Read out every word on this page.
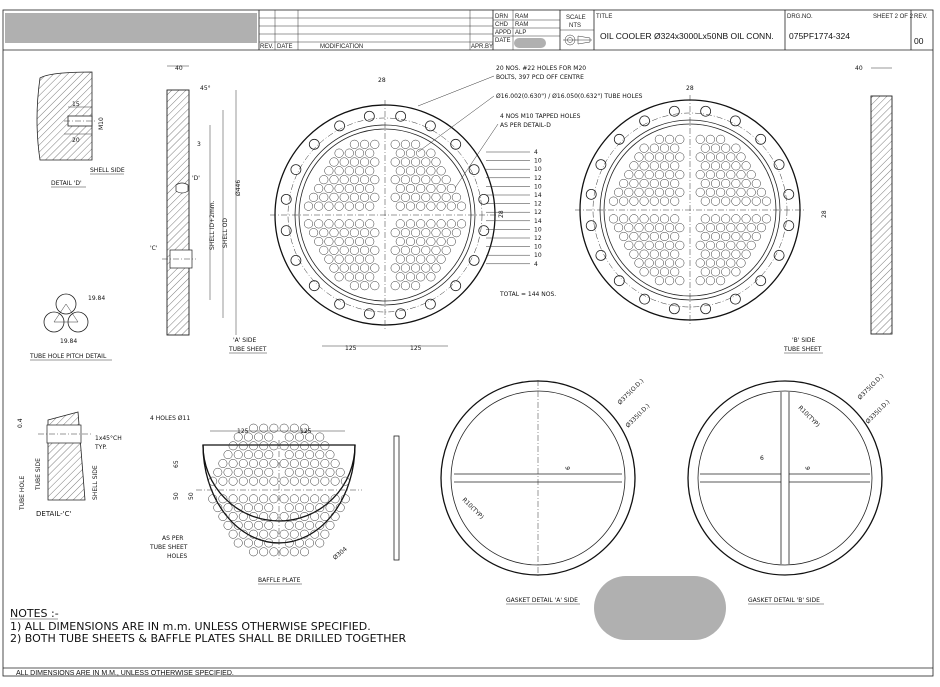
REV. DATE	MODIFICATION	APR.BY
DRN RAM
CHD RAM
APPD ALP
DATE
SCALE
NTS
TITLE
OIL COOLER Ø324x3000Lx50NB OIL CONN.
DRG.NO.	SHEET 2 OF 2
075PF1774-324
REV.
00
15
M10
20
SHELL SIDE
DETAIL 'D'
19.84
19.84
TUBE HOLE PITCH DETAIL
40
45°
3
SHELL ID+2mm. SHELL OD
Ø446
'D'
'C'
'A' SIDE
TUBE SHEET
28
28
125	125
20 NOS. #22 HOLES FOR M20
BOLTS, 397 PCD OFF CENTRE
Ø16.002(0.630") / Ø16.050(0.632") TUBE HOLES
4 NOS M10 TAPPED HOLES
AS PER DETAIL-D
4
10
10
12
10
14
12
12
14
10
12
10
10
4
TOTAL = 144 NOS.
28
28
'B' SIDE
TUBE SHEET
40
0.4
1x45°CH
TYP.
TUBE HOLE
TUBE SIDE	SHELL SIDE
DETAIL-'C'
4 HOLES Ø11
125	125
65
50 50
AS PER
TUBE SHEET
HOLES	Ø304
BAFFLE PLATE
Ø375(O.D.)
Ø335(I.D.)
6
R10(TYP)
GASKET DETAIL 'A' SIDE
Ø375(O.D.)
Ø335(I.D.)
6
6
R10(TYP)
GASKET DETAIL 'B' SIDE
NOTES :-
1) ALL DIMENSIONS ARE IN m.m. UNLESS OTHERWISE SPECIFIED.
2) BOTH TUBE SHEETS & BAFFLE PLATES SHALL BE DRILLED TOGETHER
ALL DIMENSIONS ARE IN M.M., UNLESS OTHERWISE SPECIFIED.
